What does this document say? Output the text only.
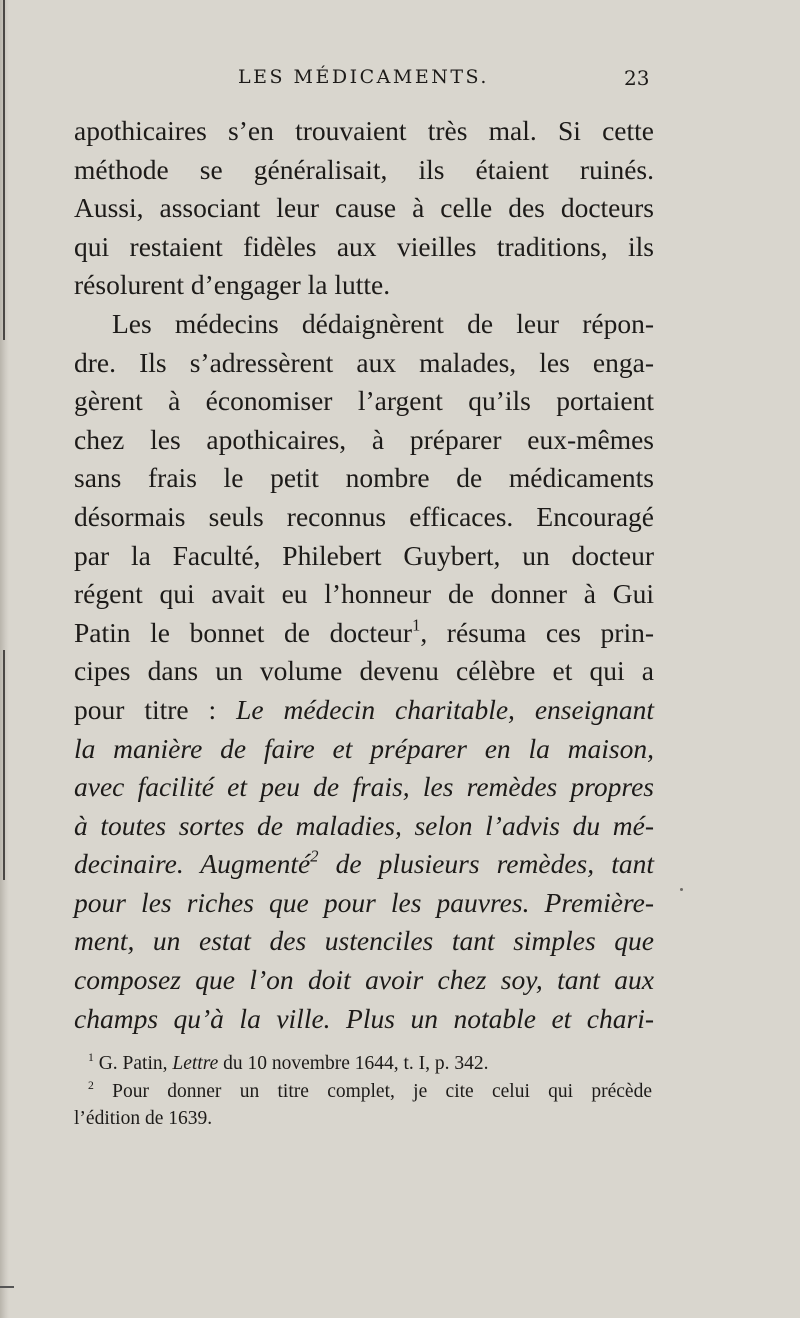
LES MÉDICAMENTS.	23
apothicaires s’en trouvaient très mal. Si cette
méthode se généralisait, ils étaient ruinés.
Aussi, associant leur cause à celle des docteurs
qui restaient fidèles aux vieilles traditions, ils
résolurent d’engager la lutte.
Les médecins dédaignèrent de leur répon-
dre. Ils s’adressèrent aux malades, les enga-
gèrent à économiser l’argent qu’ils portaient
chez les apothicaires, à préparer eux-mêmes
sans frais le petit nombre de médicaments
désormais seuls reconnus efficaces. Encouragé
par la Faculté, Philebert Guybert, un docteur
régent qui avait eu l’honneur de donner à Gui
Patin le bonnet de docteur$^1$, résuma ces prin-
cipes dans un volume devenu célèbre et qui a
pour titre : Le médecin charitable, enseignant
la manière de faire et préparer en la maison,
avec facilité et peu de frais, les remèdes propres
à toutes sortes de maladies, selon l’advis du mé-
decinaire. Augmenté$^2$ de plusieurs remèdes, tant
pour les riches que pour les pauvres. Première-
ment, un estat des ustenciles tant simples que
composez que l’on doit avoir chez soy, tant aux
champs qu’à la ville. Plus un notable et chari-
$^1$ G. Patin, Lettre du 10 novembre 1644, t. I, p. 342.
$^2$ Pour donner un titre complet, je cite celui qui précède
l’édition de 1639.
